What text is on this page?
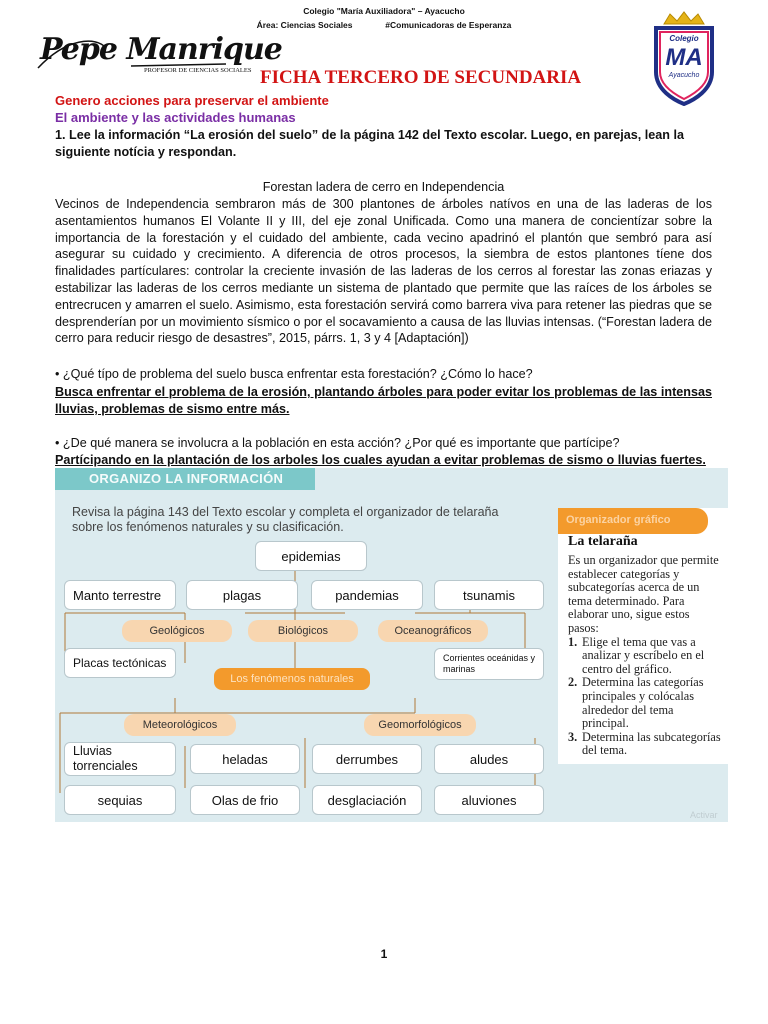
Colegio "María Auxiliadora" – Ayacucho
Área: Ciencias Sociales	#Comunicadoras de Esperanza
Pepe Manrique
PROFESOR DE CIENCIAS SOCIALES
Colegio
MA
Ayacucho
FICHA TERCERO DE SECUNDARIA
Genero acciones para preservar el ambiente
El ambiente y las actividades humanas
1. Lee la información “La erosión del suelo” de la página 142 del Texto escolar. Luego, en parejas, lean la siguiente notícia y respondan.
Forestan ladera de cerro en Independencia
Vecinos de Independencia sembraron más de 300 plantones de árboles natívos en una de las laderas de los asentamientos humanos El Volante II y III, del eje zonal Unificada. Como una manera de concientízar sobre la importancia de la forestación y el cuidado del ambiente, cada vecino apadrinó el plantón que sembró para así asegurar su cuidado y crecimiento. A diferencia de otros procesos, la siembra de estos plantones tíene dos finalidades partículares: controlar la creciente invasión de las laderas de los cerros al forestar las zonas eriazas y estabilizar las laderas de los cerros mediante un sistema de plantado que permite que las raíces de los árboles se entrecrucen y amarren el suelo. Asimismo, esta forestación servirá como barrera viva para retener las piedras que se desprenderían por un movimiento sísmico o por el socavamiento a causa de las lluvias intensas. (“Forestan ladera de cerro para reducir riesgo de desastres”, 2015, párrs. 1, 3 y 4 [Adaptación])
• ¿Qué típo de problema del suelo busca enfrentar esta forestación? ¿Cómo lo hace?
Busca enfrentar el problema de la erosión, plantando árboles para poder evitar los problemas de las intensas lluvias, problemas de sismo entre más.
• ¿De qué manera se involucra a la población en esta acción? ¿Por qué es importante que partícipe?
Partícipando en la plantación de los arboles los cuales ayudan a evitar problemas de sismo o lluvias fuertes.
ORGANIZO LA INFORMACIÓN
Revisa la página 143 del Texto escolar y completa el organizador de telaraña sobre los fenómenos naturales y su clasificación.
epidemias
Manto terrestre	plagas	pandemias	tsunamis
Geológicos	Biológicos	Oceanográficos
Placas tectónicas	Corrientes oceánidas y marinas
Los fenómenos naturales
Meteorológicos	Geomorfológicos
Lluvias torrenciales	heladas	derrumbes	aludes
sequias	Olas de frio	desglaciación	aluviones
Organizador gráfico
La telaraña
Es un organizador que permite establecer categorías y subcategorías acerca de un tema determinado. Para elaborar uno, sigue estos pasos:
1. Elige el tema que vas a analizar y escríbelo en el centro del gráfico.
2. Determina las categorías principales y colócalas alrededor del tema principal.
3. Determina las subcategorías del tema.
Activar
1
